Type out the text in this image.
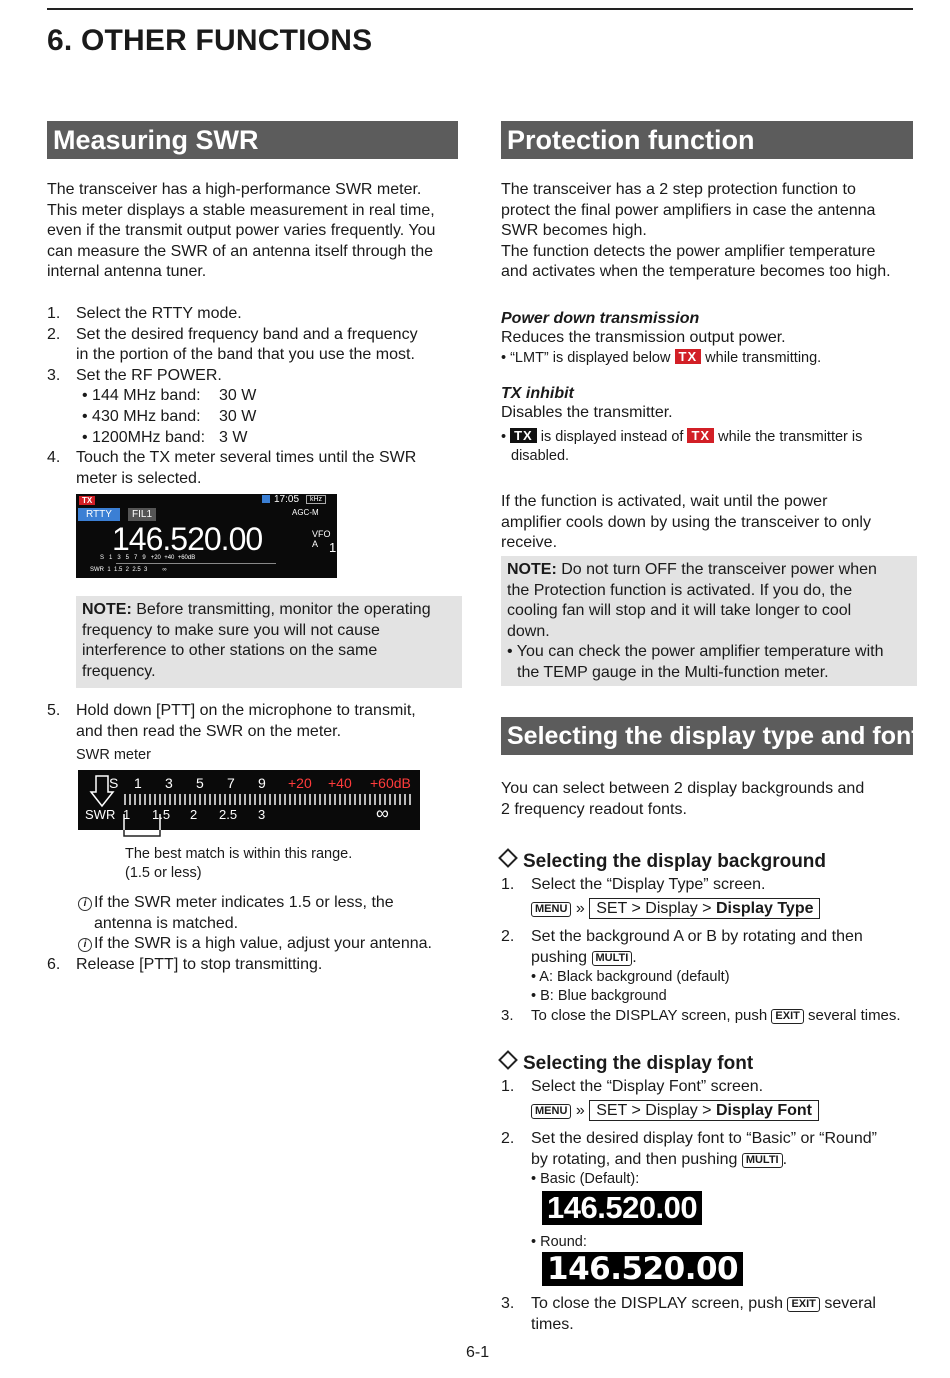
6. OTHER FUNCTIONS
Measuring SWR
The transceiver has a high-performance SWR meter.
This meter displays a stable measurement in real time,
even if the transmit output power varies frequently. You
can measure the SWR of an antenna itself through the
internal antenna tuner.
1. Select the RTTY mode.
2. Set the desired frequency band and a frequency
in the portion of the band that you use the most.
3. Set the RF POWER.
• 144 MHz band: 30 W
• 430 MHz band: 30 W
• 1200MHz band: 3 W
4. Touch the TX meter several times until the SWR
meter is selected.
TX	17:05	kHz
RTTY	FIL1	AGC-M
146.520.00	VFO A 1
S   1   3   5   7   9   +20  +40  +60dB
SWR  1  1.5  2  2.5  3         ∞
NOTE: Before transmitting, monitor the operating
frequency to make sure you will not cause
interference to other stations on the same
frequency.
5. Hold down [PTT] on the microphone to transmit,
and then read the SWR on the meter.
SWR meter
S 1 3 5 7 9 +20 +40 +60dB
SWR 1 1.5 2 2.5 3	∞
The best match is within this range.
(1.5 or less)
i If the SWR meter indicates 1.5 or less, the
antenna is matched.
i If the SWR is a high value, adjust your antenna.
6. Release [PTT] to stop transmitting.
Protection function
The transceiver has a 2 step protection function to
protect the final power amplifiers in case the antenna
SWR becomes high.
The function detects the power amplifier temperature
and activates when the temperature becomes too high.
Power down transmission
Reduces the transmission output power.
• “LMT” is displayed below TX while transmitting.
TX inhibit
Disables the transmitter.
• TX is displayed instead of TX while the transmitter is
disabled.
If the function is activated, wait until the power
amplifier cools down by using the transceiver to only
receive.
NOTE: Do not turn OFF the transceiver power when
the Protection function is activated. If you do, the
cooling fan will stop and it will take longer to cool
down.
• You can check the power amplifier temperature with
the TEMP gauge in the Multi-function meter.
Selecting the display type and font
You can select between 2 display backgrounds and
2 frequency readout fonts.
Selecting the display background
1. Select the “Display Type” screen.
MENU » SET > Display > Display Type
2. Set the background A or B by rotating and then
pushing MULTI .
• A: Black background (default)
• B: Blue background
3. To close the DISPLAY screen, push EXIT several times.
Selecting the display font
1. Select the “Display Font” screen.
MENU » SET > Display > Display Font
2. Set the desired display font to “Basic” or “Round”
by rotating, and then pushing MULTI .
• Basic (Default):
146.520.00
• Round:
146.520.00
3. To close the DISPLAY screen, push EXIT several
times.
6-1
